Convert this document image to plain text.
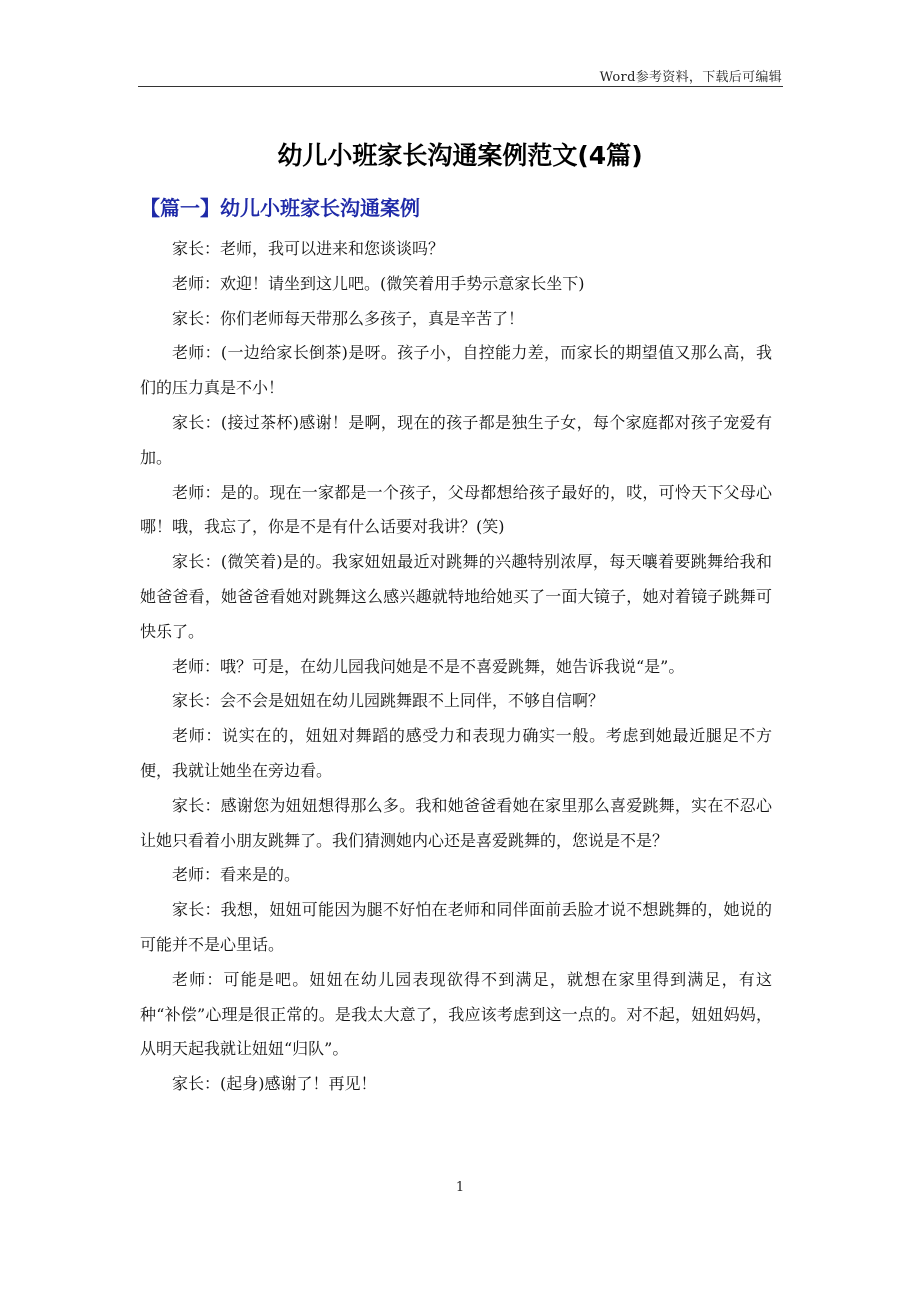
Word参考资料，下载后可编辑
幼儿小班家长沟通案例范文(4篇)
【篇一】幼儿小班家长沟通案例

家长：老师，我可以进来和您谈谈吗？

老师：欢迎！请坐到这儿吧。(微笑着用手势示意家长坐下)

家长：你们老师每天带那么多孩子，真是辛苦了！

老师：(一边给家长倒茶)是呀。孩子小，自控能力差，而家长的期望值又那么高，我们的压力真是不小！

家长：(接过茶杯)感谢！是啊，现在的孩子都是独生子女，每个家庭都对孩子宠爱有加。

老师：是的。现在一家都是一个孩子，父母都想给孩子最好的，哎，可怜天下父母心哪！哦，我忘了，你是不是有什么话要对我讲？(笑)

家长：(微笑着)是的。我家妞妞最近对跳舞的兴趣特别浓厚，每天嚷着要跳舞给我和她爸爸看，她爸爸看她对跳舞这么感兴趣就特地给她买了一面大镜子，她对着镜子跳舞可快乐了。

老师：哦？可是，在幼儿园我问她是不是不喜爱跳舞，她告诉我说“是”。

家长：会不会是妞妞在幼儿园跳舞跟不上同伴，不够自信啊？

老师：说实在的，妞妞对舞蹈的感受力和表现力确实一般。考虑到她最近腿足不方便，我就让她坐在旁边看。

家长：感谢您为妞妞想得那么多。我和她爸爸看她在家里那么喜爱跳舞，实在不忍心让她只看着小朋友跳舞了。我们猜测她内心还是喜爱跳舞的，您说是不是？

老师：看来是的。

家长：我想，妞妞可能因为腿不好怕在老师和同伴面前丢脸才说不想跳舞的，她说的可能并不是心里话。

老师：可能是吧。妞妞在幼儿园表现欲得不到满足，就想在家里得到满足，有这种“补偿”心理是很正常的。是我太大意了，我应该考虑到这一点的。对不起，妞妞妈妈，从明天起我就让妞妞“归队”。

家长：(起身)感谢了！再见！

1
